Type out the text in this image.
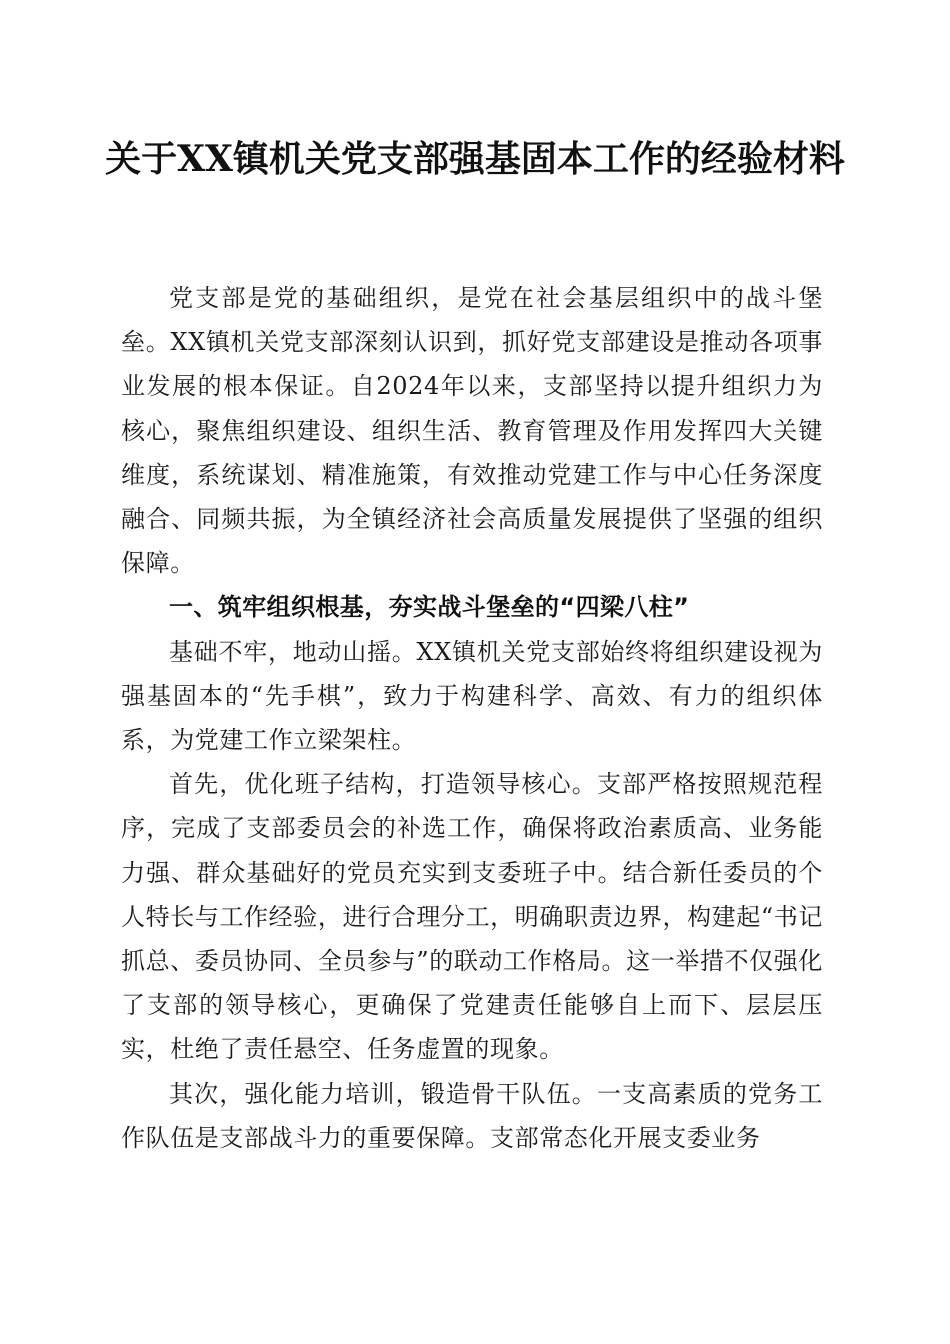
关于XX镇机关党支部强基固本工作的经验材料

党支部是党的基础组织，是党在社会基层组织中的战斗堡垒。XX镇机关党支部深刻认识到，抓好党支部建设是推动各项事业发展的根本保证。自2024年以来，支部坚持以提升组织力为核心，聚焦组织建设、组织生活、教育管理及作用发挥四大关键维度，系统谋划、精准施策，有效推动党建工作与中心任务深度融合、同频共振，为全镇经济社会高质量发展提供了坚强的组织保障。

一、筑牢组织根基，夯实战斗堡垒的“四梁八柱”

基础不牢，地动山摇。XX镇机关党支部始终将组织建设视为强基固本的“先手棋”，致力于构建科学、高效、有力的组织体系，为党建工作立梁架柱。

首先，优化班子结构，打造领导核心。支部严格按照规范程序，完成了支部委员会的补选工作，确保将政治素质高、业务能力强、群众基础好的党员充实到支委班子中。结合新任委员的个人特长与工作经验，进行合理分工，明确职责边界，构建起“书记抓总、委员协同、全员参与”的联动工作格局。这一举措不仅强化了支部的领导核心，更确保了党建责任能够自上而下、层层压实，杜绝了责任悬空、任务虚置的现象。

其次，强化能力培训，锻造骨干队伍。一支高素质的党务工作队伍是支部战斗力的重要保障。支部常态化开展支委业务
